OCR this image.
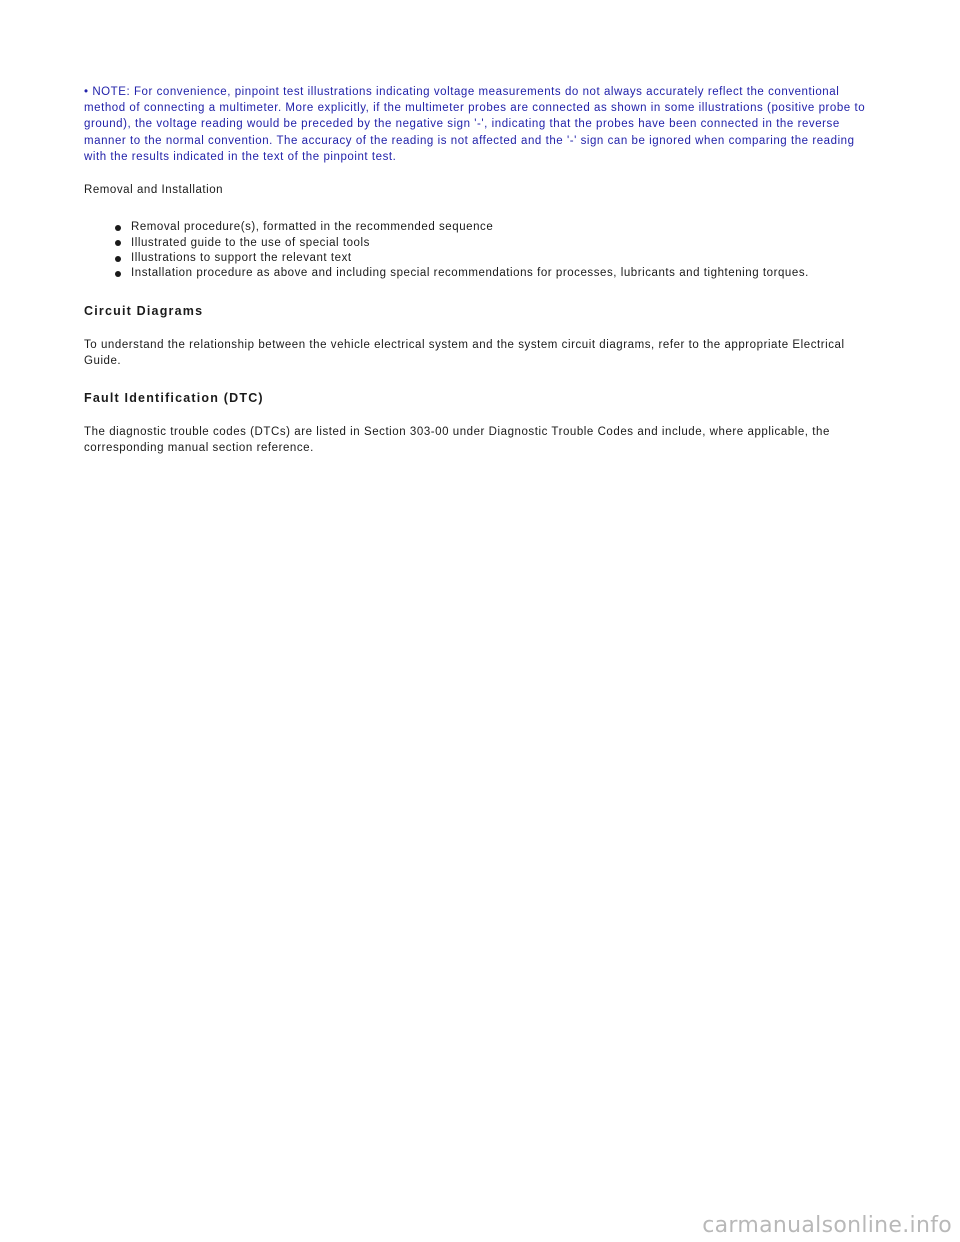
• NOTE: For convenience, pinpoint test illustrations indicating voltage measurements do not always accurately reflect the conventional method of connecting a multimeter. More explicitly, if the multimeter probes are connected as shown in some illustrations (positive probe to ground), the voltage reading would be preceded by the negative sign '-', indicating that the probes have been connected in the reverse manner to the normal convention. The accuracy of the reading is not affected and the '-' sign can be ignored when comparing the reading with the results indicated in the text of the pinpoint test.

Removal and Installation

Removal procedure(s), formatted in the recommended sequence
Illustrated guide to the use of special tools
Illustrations to support the relevant text
Installation procedure as above and including special recommendations for processes, lubricants and tightening torques.
Circuit Diagrams

To understand the relationship between the vehicle electrical system and the system circuit diagrams, refer to the appropriate Electrical Guide.

Fault Identification (DTC)

The diagnostic trouble codes (DTCs) are listed in Section 303-00 under Diagnostic Trouble Codes and include, where applicable, the corresponding manual section reference.

carmanualsonline.info
